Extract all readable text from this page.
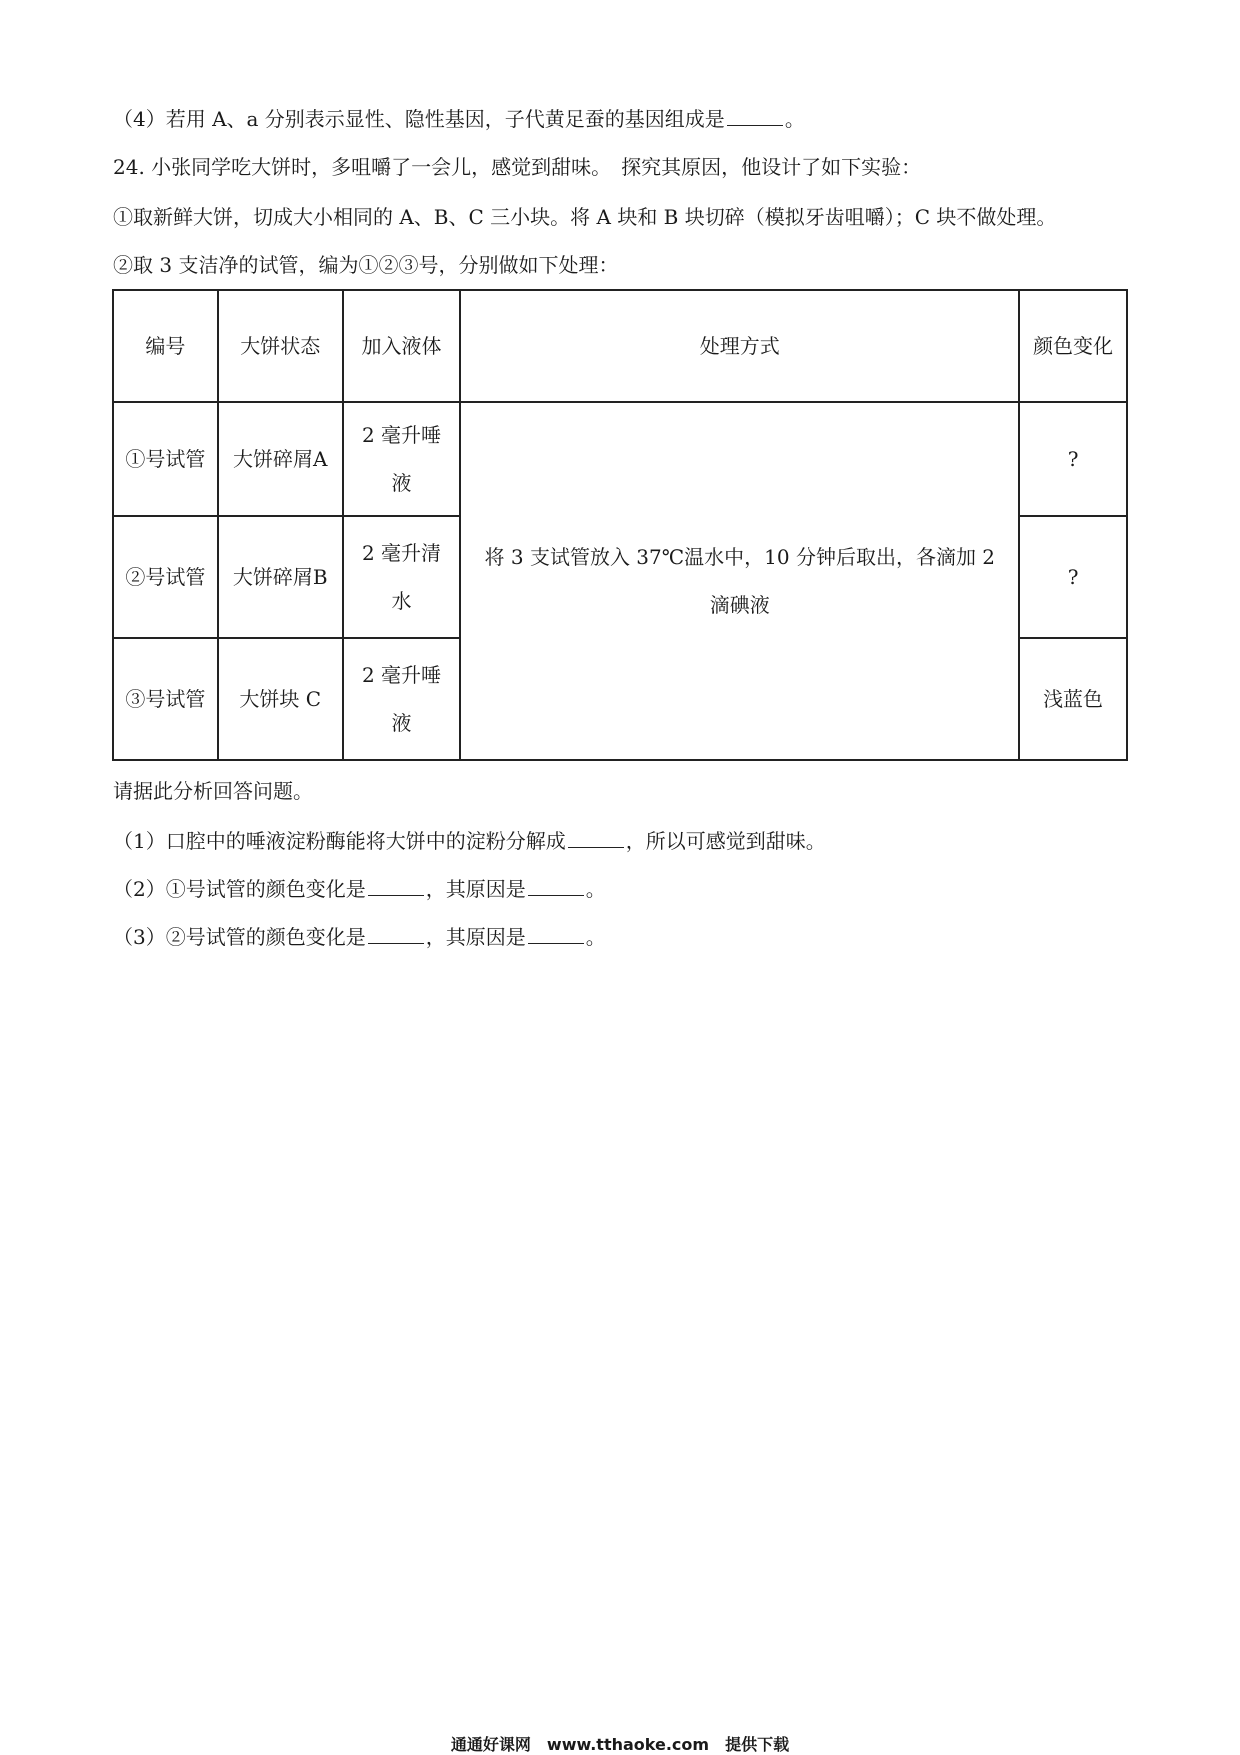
（4）若用 A、a 分别表示显性、隐性基因，子代黄足蚕的基因组成是	。
24. 小张同学吃大饼时，多咀嚼了一会儿，感觉到甜味。　探究其原因，他设计了如下实验：
①取新鲜大饼，切成大小相同的 A、B、C 三小块。将 A 块和 B 块切碎（模拟牙齿咀嚼）；C 块不做处理。
②取 3 支洁净的试管，编为①②③号，分别做如下处理：
编号	大饼状态	加入液体	处理方式	颜色变化
①号试管	大饼碎屑A	2 毫升唾液	将 3 支试管放入 37℃温水中，10 分钟后取出，各滴加 2 滴碘液	?
②号试管	大饼碎屑B	2 毫升清水		?
③号试管	大饼块 C	2 毫升唾液		浅蓝色
请据此分析回答问题。
（1）口腔中的唾液淀粉酶能将大饼中的淀粉分解成	，所以可感觉到甜味。
（2）①号试管的颜色变化是	，其原因是	。
（3）②号试管的颜色变化是	，其原因是	。
通通好课网　www.tthaoke.com　提供下载
